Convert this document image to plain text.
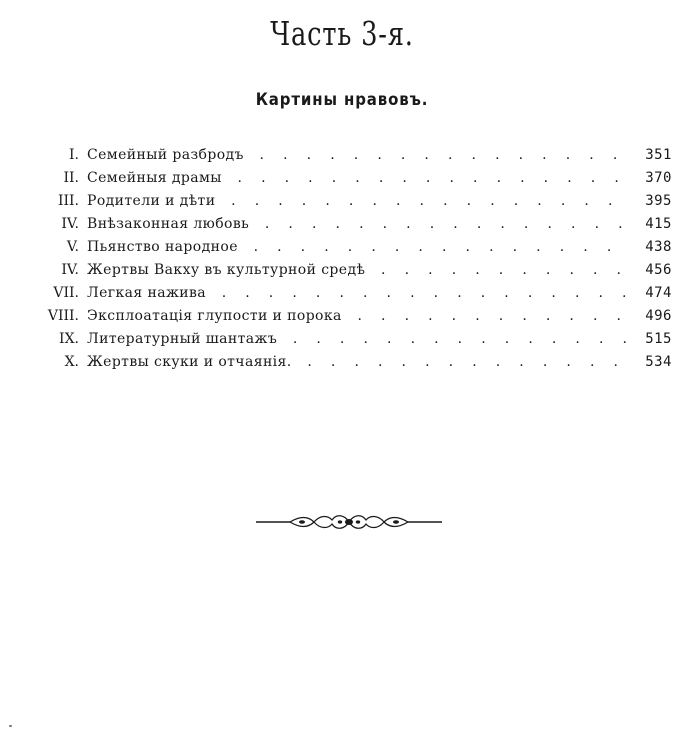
Часть 3-я.
Картины нравовъ.
I. Семейный разбродъ . .	351
II. Семейныя драмы . .	370
III. Родители и дѣти . .	395
IV. Внѣзаконная любовь . .	415
V. Пьянство народное . .	438
IV. Жертвы Вакху въ культурной средѣ . .	456
VII. Легкая нажива . .	474
VIII. Эксплоатація глупости и порока . .	496
IX. Литературный шантажъ . .	515
X. Жертвы скуки и отчаянія. . .	534
